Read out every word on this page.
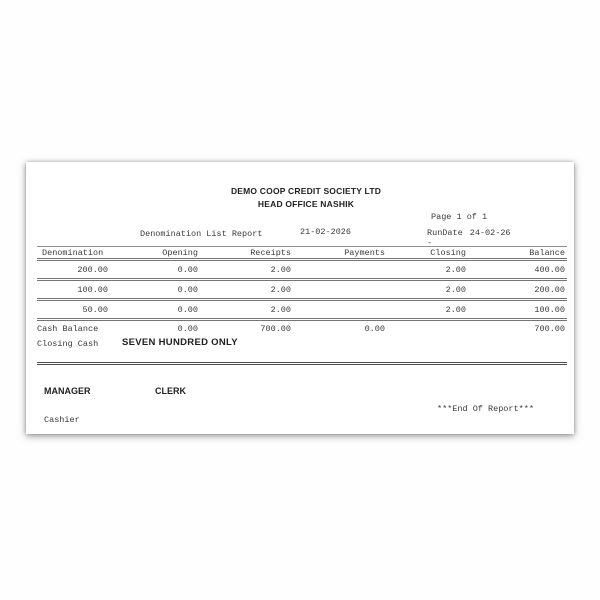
DEMO COOP CREDIT SOCIETY LTD
HEAD OFFICE NASHIK
Page 1 of 1
Denomination List Report	21-02-2026	RunDate 24-02-26
-
Denomination	Opening	Receipts	Payments	Closing	Balance
200.00	0.00	2.00		2.00	400.00
100.00	0.00	2.00		2.00	200.00
50.00	0.00	2.00		2.00	100.00
Cash Balance	0.00	700.00	0.00		700.00
Closing Cash	SEVEN HUNDRED ONLY
MANAGER	CLERK
***End Of Report***
Cashier
